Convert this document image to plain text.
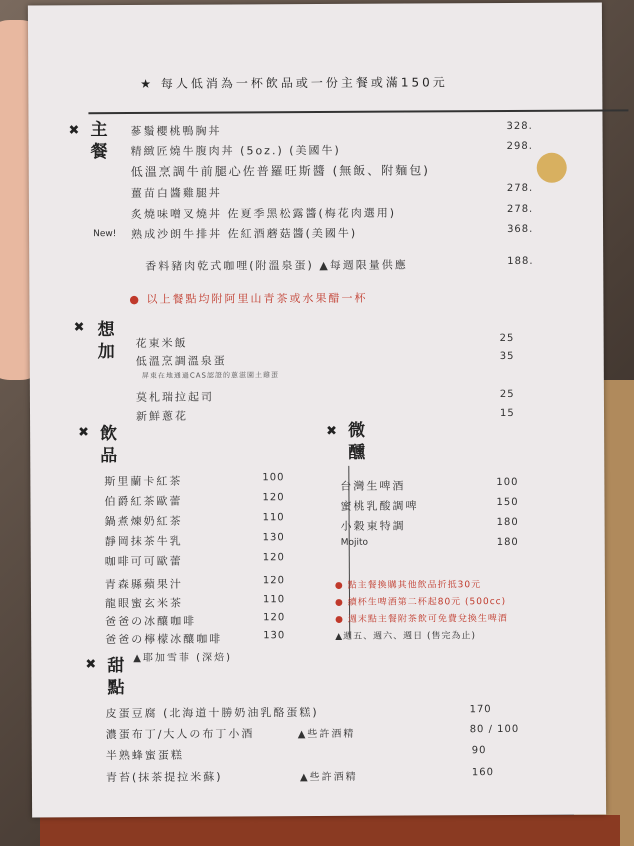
★ 每人低消為一杯飲品或一份主餐或滿150元
✖ 主
餐
蔘鬚櫻桃鴨胸丼	328.
精緻匠燒牛腹肉丼 (5oz.) (美國牛)	298.
低溫烹調牛前腿心佐普羅旺斯醬 (無飯、附麵包)
薑苗白醬雞腿丼	278.
炙燒味噌叉燒丼 佐夏季黑松露醬(梅花肉選用)	278.
New! 熟成沙朗牛排丼 佐紅酒蘑菇醬(美國牛)	368.
香料豬肉乾式咖哩(附溫泉蛋) ▲每週限量供應	188.
● 以上餐點均附阿里山青茶或水果醋一杯
✖ 想
加 花東米飯	25
低溫烹調溫泉蛋	35
屏東在地通過CAS認證的蔥滋園土雞蛋
莫札瑞拉起司	25
新鮮蔥花	15
✖ 飲
品
斯里蘭卡紅茶	100
伯爵紅茶歐蕾	120
鍋煮煉奶紅茶	110
靜岡抹茶牛乳	130
咖啡可可歐蕾	120
青森縣蘋果汁	120
龍眼蜜玄米茶	110
爸爸の冰釀咖啡	120
爸爸の檸檬冰釀咖啡	130
▲耶加雪菲 (深焙)
✖ 微
醺
台灣生啤酒	100
蜜桃乳酸調啤	150
小穀東特調	180
Mojito	180
● 點主餐換購其他飲品折抵30元
● 續杯生啤酒第二杯起80元 (500cc)
● 週末點主餐附茶飲可免費兌換生啤酒
▲週五、週六、週日 (售完為止)
✖ 甜
點
皮蛋豆腐 (北海道十勝奶油乳酪蛋糕)	170
濃蛋布丁/大人の布丁小酒	▲些許酒精	80 / 100
半熟蜂蜜蛋糕	90
青苔(抹茶提拉米蘇)	▲些許酒精	160
